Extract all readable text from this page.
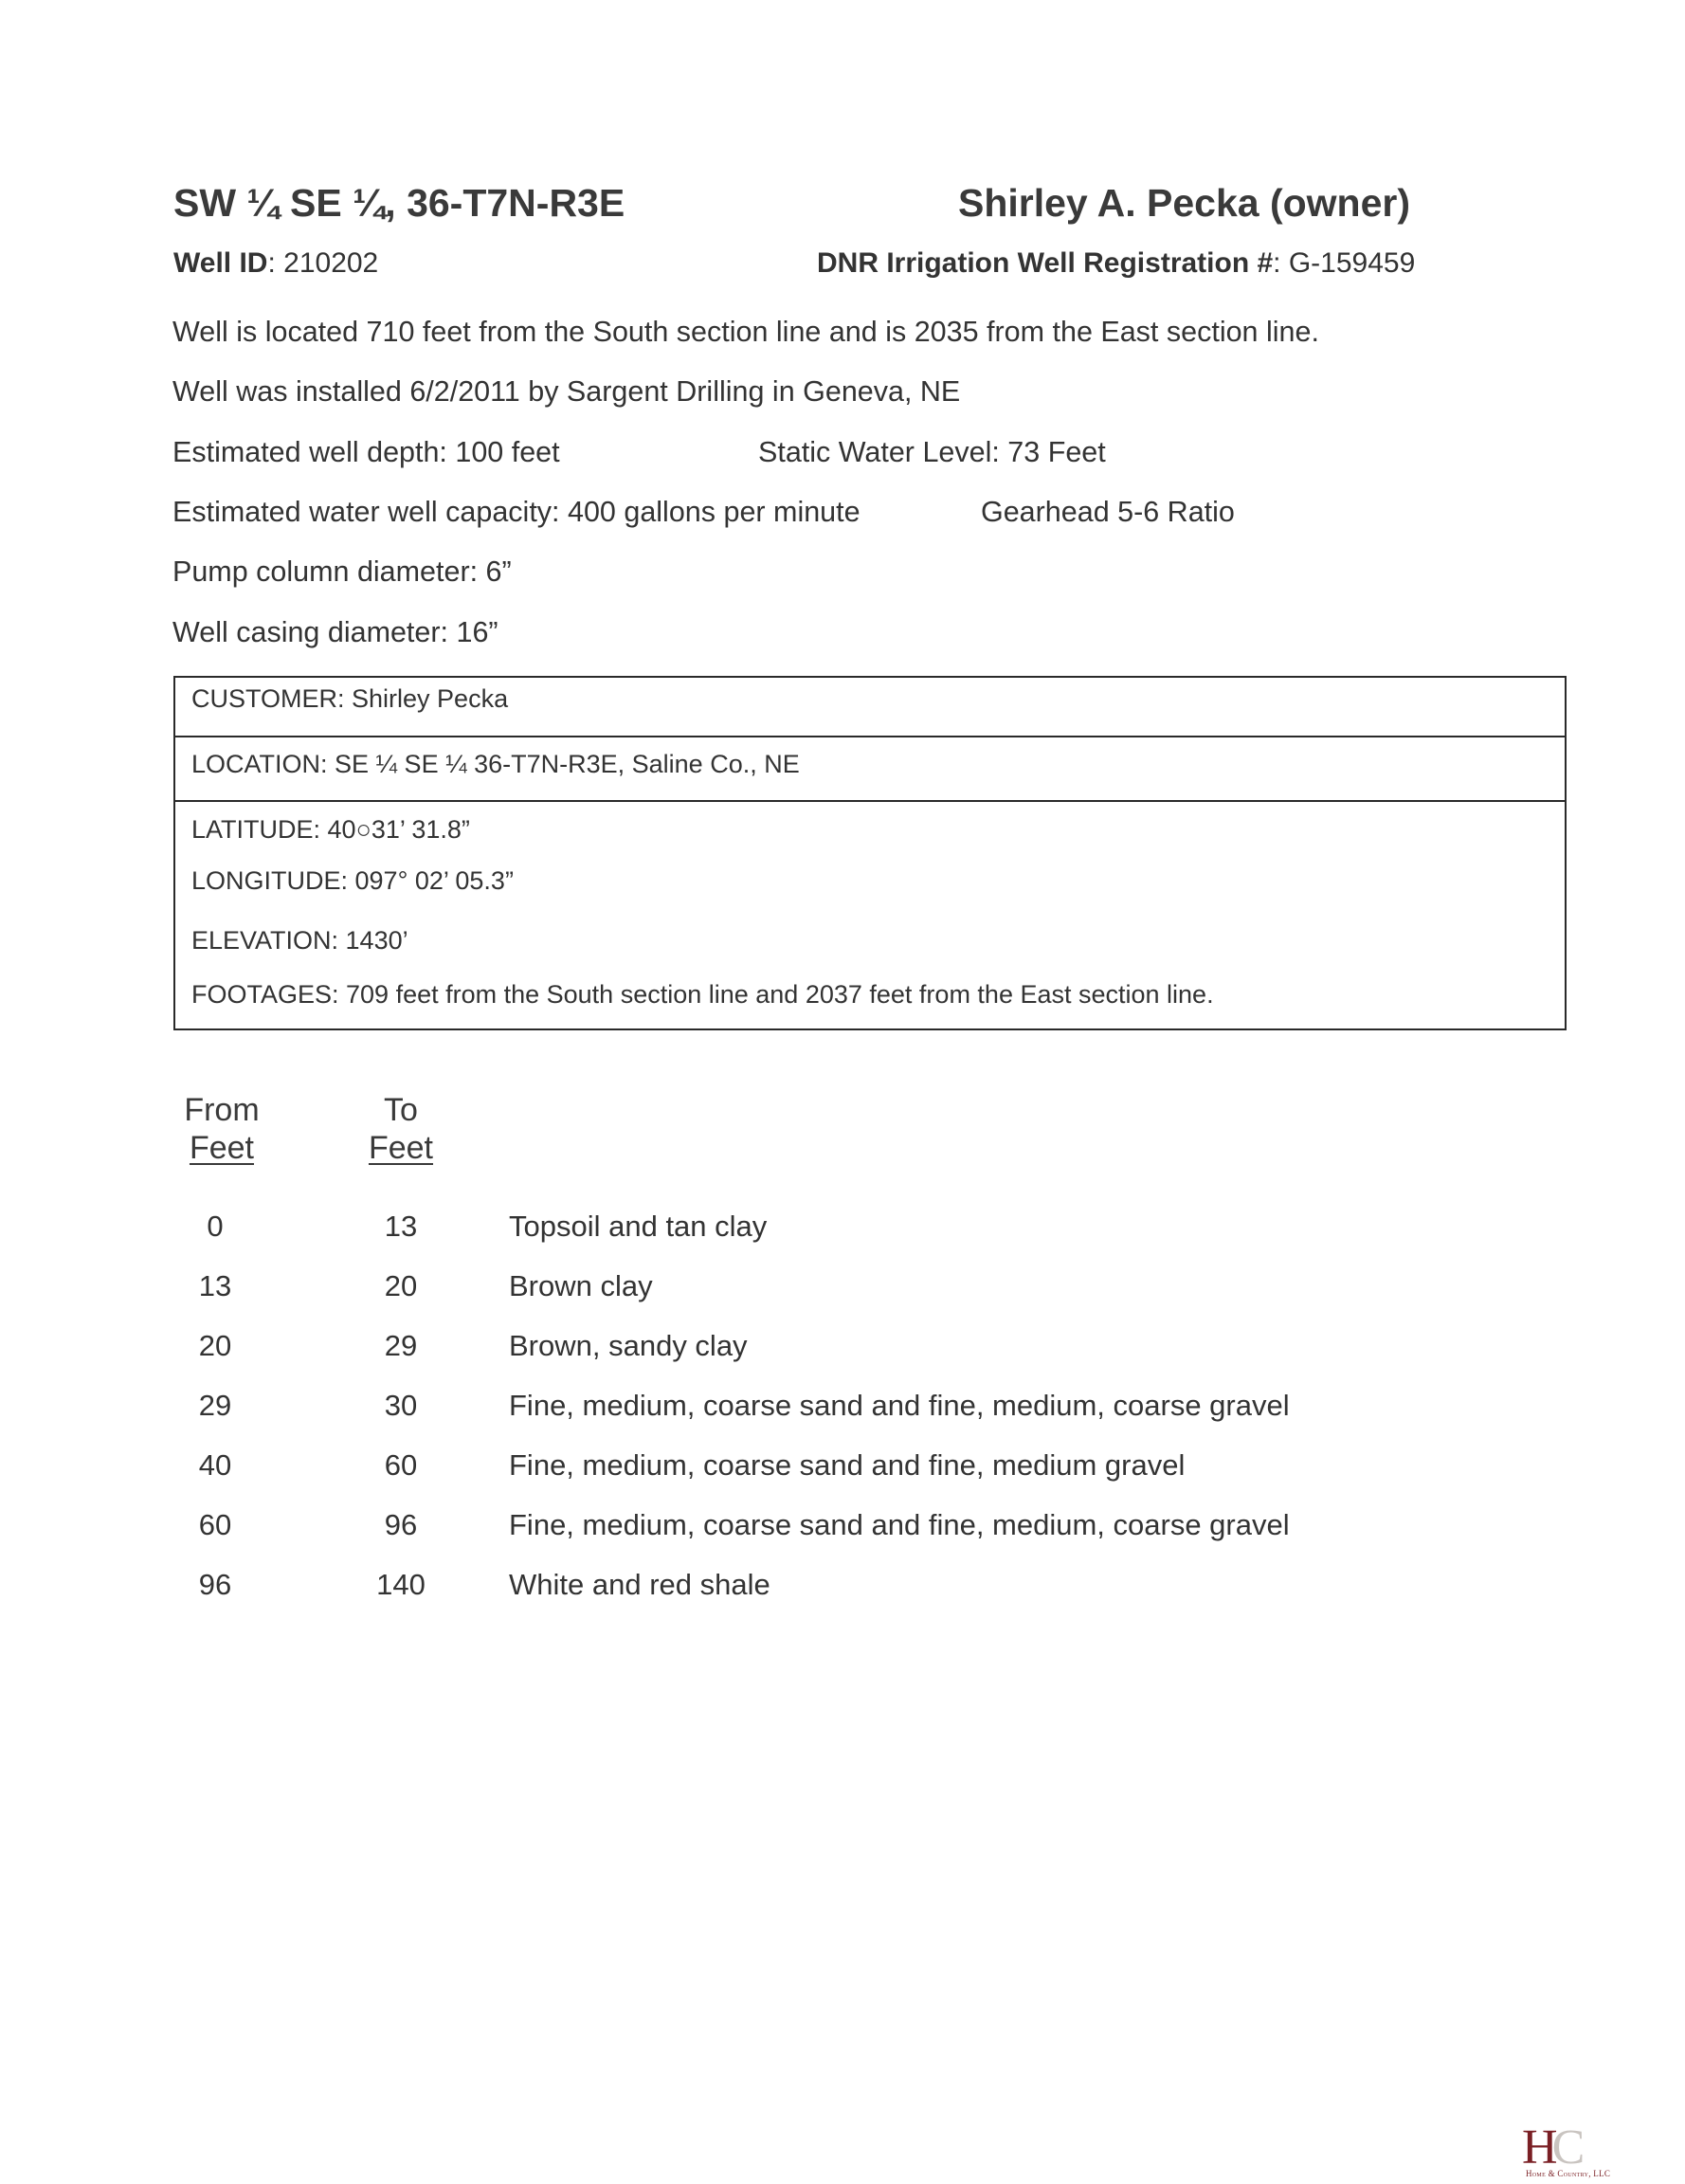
SW ¼ SE ¼, 36-T7N-R3E	Shirley A. Pecka (owner)
Well ID: 210202	DNR Irrigation Well Registration #: G-159459
Well is located 710 feet from the South section line and is 2035 from the East section line.
Well was installed 6/2/2011 by Sargent Drilling in Geneva, NE
Estimated well depth: 100 feet	Static Water Level: 73 Feet
Estimated water well capacity: 400 gallons per minute	Gearhead 5-6 Ratio
Pump column diameter: 6”
Well casing diameter: 16”
CUSTOMER: Shirley Pecka
LOCATION: SE ¼ SE ¼ 36-T7N-R3E, Saline Co., NE
LATITUDE: 40○31’ 31.8”
LONGITUDE: 097° 02’ 05.3”
ELEVATION: 1430’
FOOTAGES: 709 feet from the South section line and 2037 feet from the East section line.
From
Feet
To
Feet
0	13	Topsoil and tan clay
13	20	Brown clay
20	29	Brown, sandy clay
29	30	Fine, medium, coarse sand and fine, medium, coarse gravel
40	60	Fine, medium, coarse sand and fine, medium gravel
60	96	Fine, medium, coarse sand and fine, medium, coarse gravel
96	140	White and red shale
HC
Home & Country, LLC
